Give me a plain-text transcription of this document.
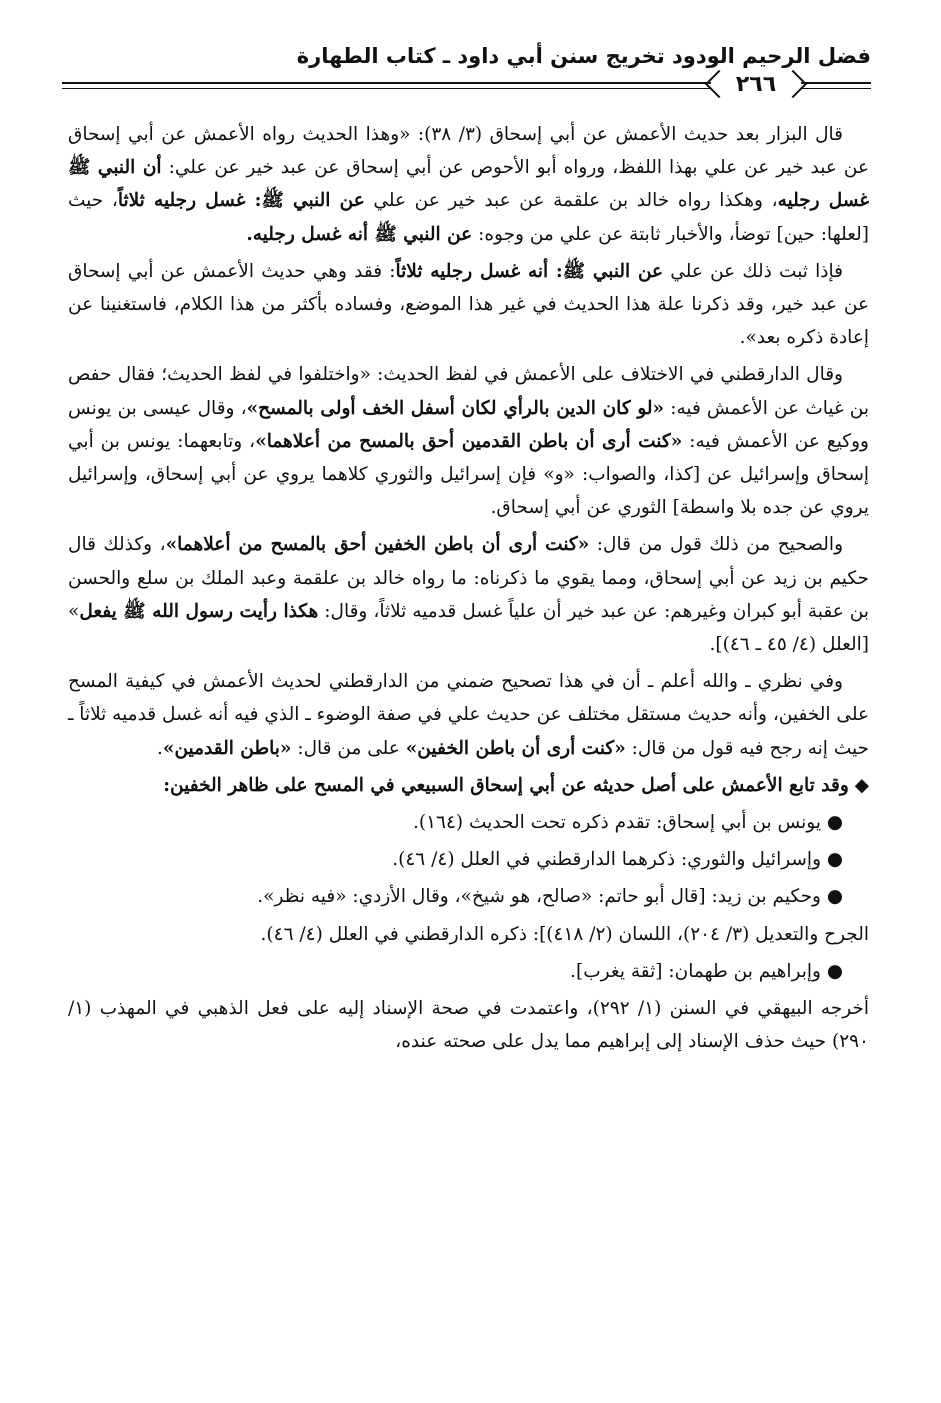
فضل الرحيم الودود تخريج سنن أبي داود ـ كتاب الطهارة
٢٦٦

قال البزار بعد حديث الأعمش عن أبي إسحاق (٣/ ٣٨): «وهذا الحديث رواه الأعمش عن أبي إسحاق عن عبد خير عن علي بهذا اللفظ، ورواه أبو الأحوص عن أبي إسحاق عن عبد خير عن علي: أن النبي ﷺ غسل رجليه، وهكذا رواه خالد بن علقمة عن عبد خير عن علي عن النبي ﷺ: غسل رجليه ثلاثاً، حيث [لعلها: حين] توضأ، والأخبار ثابتة عن علي من وجوه: عن النبي ﷺ أنه غسل رجليه.

فإذا ثبت ذلك عن علي عن النبي ﷺ: أنه غسل رجليه ثلاثاً: فقد وهي حديث الأعمش عن أبي إسحاق عن عبد خير، وقد ذكرنا علة هذا الحديث في غير هذا الموضع، وفساده بأكثر من هذا الكلام، فاستغنينا عن إعادة ذكره بعد».

وقال الدارقطني في الاختلاف على الأعمش في لفظ الحديث: «واختلفوا في لفظ الحديث؛ فقال حفص بن غياث عن الأعمش فيه: «لو كان الدين بالرأي لكان أسفل الخف أولى بالمسح»، وقال عيسى بن يونس ووكيع عن الأعمش فيه: «كنت أرى أن باطن القدمين أحق بالمسح من أعلاهما»، وتابعهما: يونس بن أبي إسحاق وإسرائيل عن [كذا، والصواب: «و» فإن إسرائيل والثوري كلاهما يروي عن أبي إسحاق، وإسرائيل يروي عن جده بلا واسطة] الثوري عن أبي إسحاق.

والصحيح من ذلك قول من قال: «كنت أرى أن باطن الخفين أحق بالمسح من أعلاهما»، وكذلك قال حكيم بن زيد عن أبي إسحاق، ومما يقوي ما ذكرناه: ما رواه خالد بن علقمة وعبد الملك بن سلع والحسن بن عقبة أبو كبران وغيرهم: عن عبد خير أن علياً غسل قدميه ثلاثاً، وقال: هكذا رأيت رسول الله ﷺ يفعل» [العلل (٤/ ٤٥ ـ ٤٦)].

وفي نظري ـ والله أعلم ـ أن في هذا تصحيح ضمني من الدارقطني لحديث الأعمش في كيفية المسح على الخفين، وأنه حديث مستقل مختلف عن حديث علي في صفة الوضوء ـ الذي فيه أنه غسل قدميه ثلاثاً ـ حيث إنه رجح فيه قول من قال: «كنت أرى أن باطن الخفين» على من قال: «باطن القدمين».

◆وقد تابع الأعمش على أصل حديثه عن أبي إسحاق السبيعي في المسح على ظاهر الخفين:

●
يونس بن أبي إسحاق: تقدم ذكره تحت الحديث (١٦٤).
●
وإسرائيل والثوري: ذكرهما الدارقطني في العلل (٤/ ٤٦).
●
وحكيم بن زيد: [قال أبو حاتم: «صالح، هو شيخ»، وقال الأزدي: «فيه نظر».

الجرح والتعديل (٣/ ٢٠٤)، اللسان (٢/ ٤١٨)]: ذكره الدارقطني في العلل (٤/ ٤٦).

●
وإبراهيم بن طهمان: [ثقة يغرب].

أخرجه البيهقي في السنن (١/ ٢٩٢)، واعتمدت في صحة الإسناد إليه على فعل الذهبي في المهذب (١/ ٢٩٠) حيث حذف الإسناد إلى إبراهيم مما يدل على صحته عنده،
